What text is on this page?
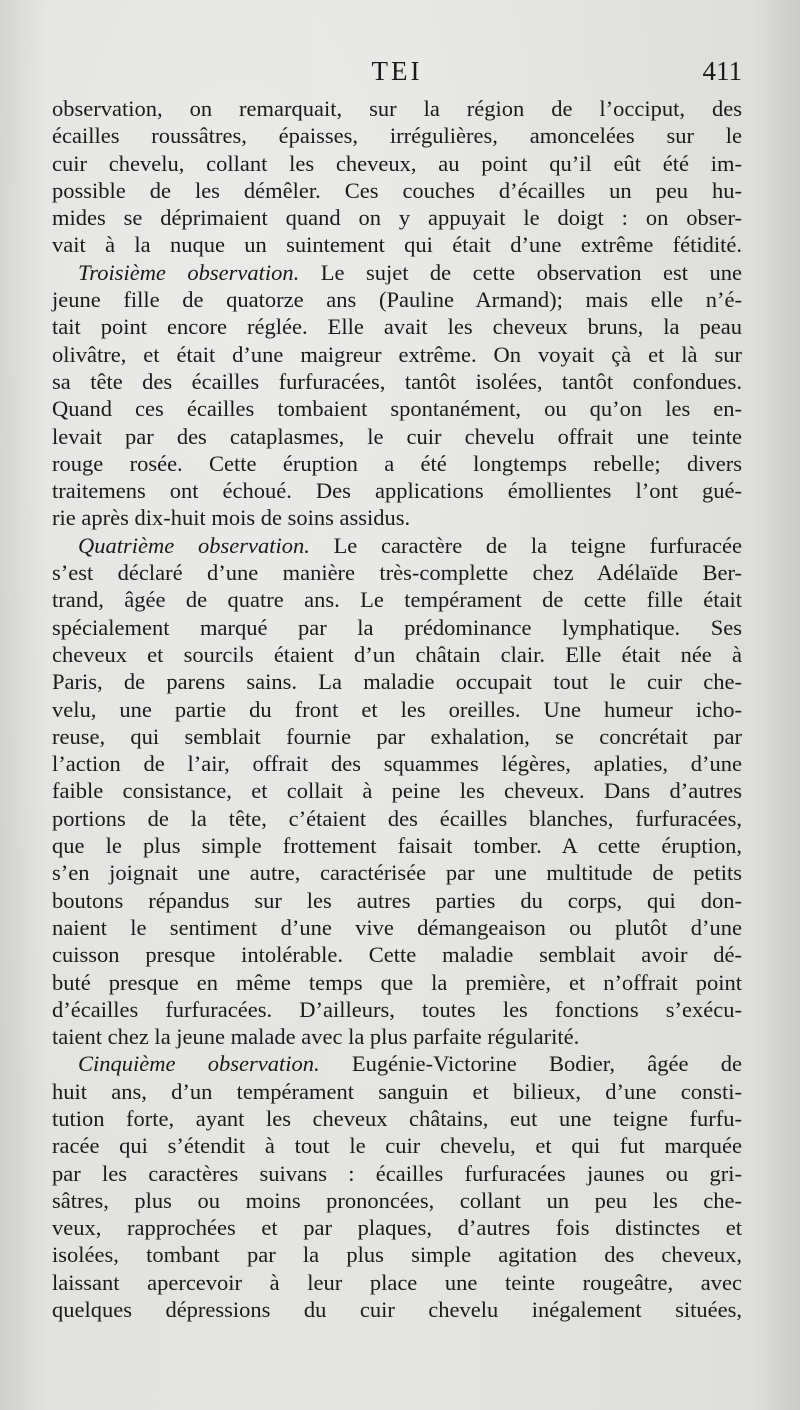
TEI	411
observation, on remarquait, sur la région de l’occiput, des
écailles roussâtres, épaisses, irrégulières, amoncelées sur le
cuir chevelu, collant les cheveux, au point qu’il eût été im-
possible de les démêler. Ces couches d’écailles un peu hu-
mides se déprimaient quand on y appuyait le doigt : on obser-
vait à la nuque un suintement qui était d’une extrême fétidité.
Troisième observation. Le sujet de cette observation est une
jeune fille de quatorze ans (Pauline Armand); mais elle n’é-
tait point encore réglée. Elle avait les cheveux bruns, la peau
olivâtre, et était d’une maigreur extrême. On voyait çà et là sur
sa tête des écailles furfuracées, tantôt isolées, tantôt confondues.
Quand ces écailles tombaient spontanément, ou qu’on les en-
levait par des cataplasmes, le cuir chevelu offrait une teinte
rouge rosée. Cette éruption a été longtemps rebelle; divers
traitemens ont échoué. Des applications émollientes l’ont gué-
rie après dix-huit mois de soins assidus.
Quatrième observation. Le caractère de la teigne furfuracée
s’est déclaré d’une manière très-complette chez Adélaïde Ber-
trand, âgée de quatre ans. Le tempérament de cette fille était
spécialement marqué par la prédominance lymphatique. Ses
cheveux et sourcils étaient d’un châtain clair. Elle était née à
Paris, de parens sains. La maladie occupait tout le cuir che-
velu, une partie du front et les oreilles. Une humeur icho-
reuse, qui semblait fournie par exhalation, se concrétait par
l’action de l’air, offrait des squammes légères, aplaties, d’une
faible consistance, et collait à peine les cheveux. Dans d’autres
portions de la tête, c’étaient des écailles blanches, furfuracées,
que le plus simple frottement faisait tomber. A cette éruption,
s’en joignait une autre, caractérisée par une multitude de petits
boutons répandus sur les autres parties du corps, qui don-
naient le sentiment d’une vive démangeaison ou plutôt d’une
cuisson presque intolérable. Cette maladie semblait avoir dé-
buté presque en même temps que la première, et n’offrait point
d’écailles furfuracées. D’ailleurs, toutes les fonctions s’exécu-
taient chez la jeune malade avec la plus parfaite régularité.
Cinquième observation. Eugénie-Victorine Bodier, âgée de
huit ans, d’un tempérament sanguin et bilieux, d’une consti-
tution forte, ayant les cheveux châtains, eut une teigne furfu-
racée qui s’étendit à tout le cuir chevelu, et qui fut marquée
par les caractères suivans : écailles furfuracées jaunes ou gri-
sâtres, plus ou moins prononcées, collant un peu les che-
veux, rapprochées et par plaques, d’autres fois distinctes et
isolées, tombant par la plus simple agitation des cheveux,
laissant apercevoir à leur place une teinte rougeâtre, avec
quelques dépressions du cuir chevelu inégalement situées,
